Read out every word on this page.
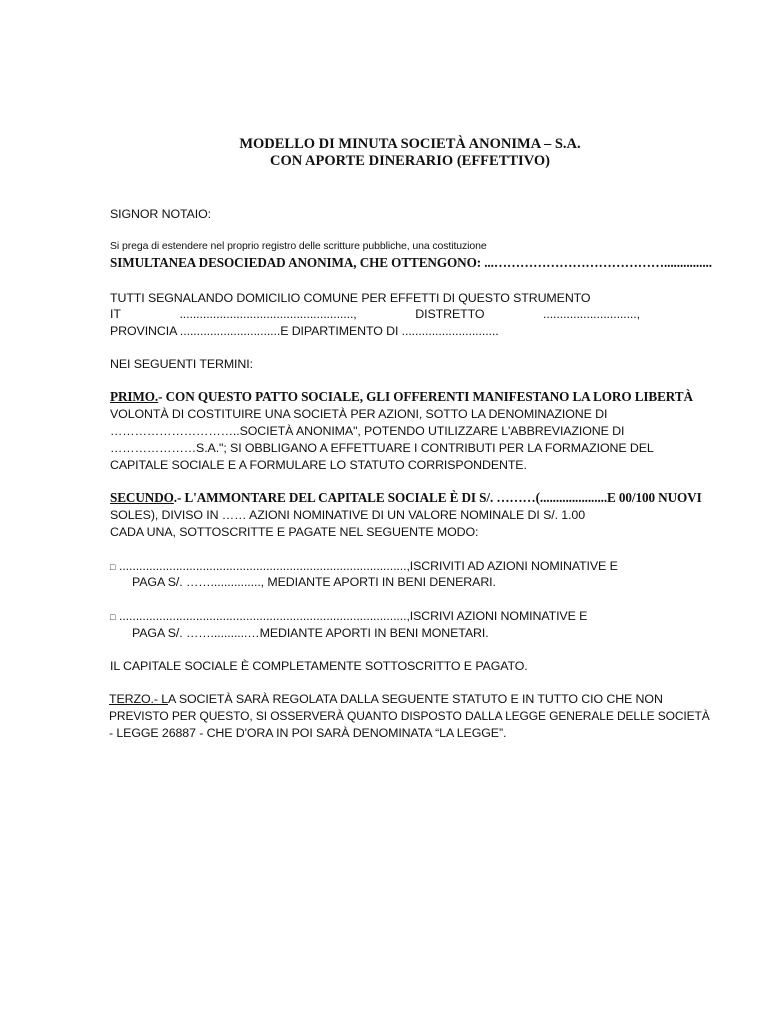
MODELLO DI MINUTA SOCIETÀ ANONIMA – S.A.
CON APORTE DINERARIO (EFFETTIVO)
SIGNOR NOTAIO:
Si prega di estendere nel proprio registro delle scritture pubbliche, una costituzione
SIMULTANEA DESOCIEDAD ANONIMA, CHE OTTENGONO: ...…………………………………...............
TUTTI SEGNALANDO DOMICILIO COMUNE PER EFFETTI DI QUESTO STRUMENTO
IT	....................................................,	DISTRETTO	............................,
PROVINCIA ..............................E DIPARTIMENTO DI .............................
NEI SEGUENTI TERMINI:
PRIMO.- CON QUESTO PATTO SOCIALE, GLI OFFERENTI MANIFESTANO LA LORO LIBERTÀ
VOLONTÀ DI COSTITUIRE UNA SOCIETÀ PER AZIONI, SOTTO LA DENOMINAZIONE DI
…………………………..SOCIETÀ ANONIMA", POTENDO UTILIZZARE L'ABBREVIAZIONE DI
…………………S.A."; SI OBBLIGANO A EFFETTUARE I CONTRIBUTI PER LA FORMAZIONE DEL
CAPITALE SOCIALE E A FORMULARE LO STATUTO CORRISPONDENTE.
SECUNDO.- L'AMMONTARE DEL CAPITALE SOCIALE È DI S/. ………(.....................E 00/100 NUOVI
SOLES), DIVISO IN …… AZIONI NOMINATIVE DI UN VALORE NOMINALE DI S/. 1.00
CADA UNA, SOTTOSCRITTE E PAGATE NEL SEGUENTE MODO:
□ ......................................................................................,ISCRIVITI AD AZIONI NOMINATIVE E
PAGA S/. ……..............., MEDIANTE APORTI IN BENI DENERARI.
□ ......................................................................................,ISCRIVI AZIONI NOMINATIVE E
PAGA S/. ……...........…MEDIANTE APORTI IN BENI MONETARI.
IL CAPITALE SOCIALE È COMPLETAMENTE SOTTOSCRITTO E PAGATO.
TERZO.- LA SOCIETÀ SARÀ REGOLATA DALLA SEGUENTE STATUTO E IN TUTTO CIO CHE NON
PREVISTO PER QUESTO, SI OSSERVERÀ QUANTO DISPOSTO DALLA LEGGE GENERALE DELLE SOCIETÀ
- LEGGE 26887 - CHE D'ORA IN POI SARÀ DENOMINATA “LA LEGGE”.
